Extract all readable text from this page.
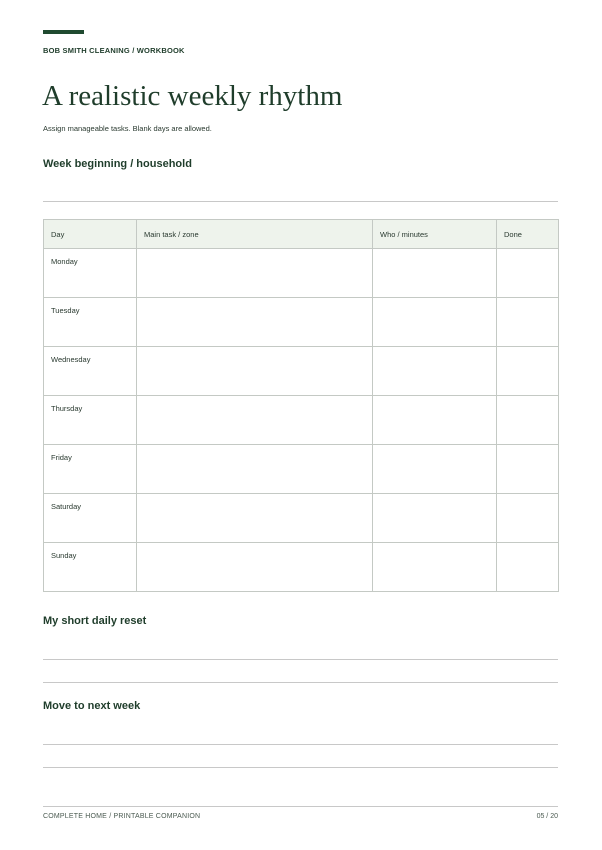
BOB SMITH CLEANING / WORKBOOK
A realistic weekly rhythm
Assign manageable tasks. Blank days are allowed.
Week beginning / household
Day	Main task / zone	Who / minutes	Done
Monday			
Tuesday			
Wednesday			
Thursday			
Friday			
Saturday			
Sunday			
My short daily reset
Move to next week
COMPLETE HOME / PRINTABLE COMPANION	05 / 20
